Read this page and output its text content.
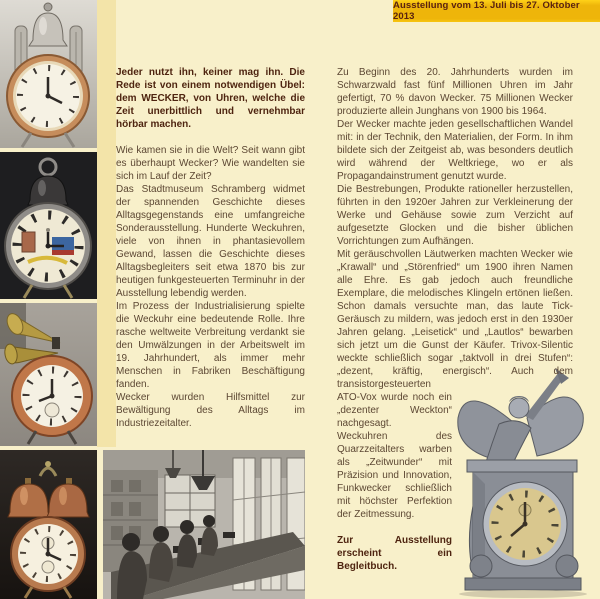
Ausstellung vom 13. Juli bis 27. Oktober 2013

Jeder nutzt ihn, keiner mag ihn. Die Rede ist von einem notwendigen Übel: dem WECKER, von Uhren, welche die Zeit unerbittlich und vernehmbar hörbar machen.

Wie kamen sie in die Welt? Seit wann gibt es überhaupt Wecker? Wie wandelten sie sich im Lauf der Zeit?

Das Stadtmuseum Schramberg widmet der spannenden Geschichte dieses Alltagsgegenstands eine umfangreiche Sonderausstellung. Hunderte Weckuhren, viele von ihnen in phantasievollem Gewand, lassen die Geschichte dieses Alltagsbegleiters seit etwa 1870 bis zur heutigen funkgesteuerten Terminuhr in der Ausstellung lebendig werden.

Im Prozess der Industrialisierung spielte die Weckuhr eine bedeutende Rolle. Ihre rasche weltweite Verbreitung verdankt sie den Umwälzungen in der Arbeitswelt im 19. Jahrhundert, als immer mehr Menschen in Fabriken Beschäftigung fanden.

Wecker wurden Hilfsmittel zur Bewältigung des Alltags im Industriezeitalter.

Zu Beginn des 20. Jahrhunderts wurden im Schwarzwald fast fünf Millionen Uhren im Jahr gefertigt, 70 % davon Wecker. 75 Millionen Wecker produzierte allein Junghans von 1900 bis 1964.

Der Wecker machte jeden gesellschaftlichen Wandel mit: in der Technik, den Materialien, der Form. In ihm bildete sich der Zeitgeist ab, was besonders deutlich wird während der Weltkriege, wo er als Propagandainstrument genutzt wurde.

Die Bestrebungen, Produkte rationeller herzustellen, führten in den 1920er Jahren zur Verkleinerung der Werke und Gehäuse sowie zum Verzicht auf aufgesetzte Glocken und die bisher üblichen Vorrichtungen zum Aufhängen.

Mit geräuschvollen Läutwerken machten Wecker wie „Krawall“ und „Störenfried“ um 1900 ihren Namen alle Ehre. Es gab jedoch auch freundliche Exemplare, die melodisches Klingeln ertönen ließen. Schon damals versuchte man, das laute Tick-Geräusch zu mildern, was jedoch erst in den 1930er Jahren gelang. „Leisetick“ und „Lautlos“ bewarben sich jetzt um die Gunst der Käufer. Trivox-Silentic weckte schließlich sogar „taktvoll in drei Stufen“: „dezent, kräftig, energisch“. Auch dem transistorgesteuerten ATO-Vox wurde noch ein „dezenter Weckton“ nachgesagt.

Weckuhren des Quarzzeitalters warben als „Zeitwunder“ mit Präzision und Innovation, Funkwecker schließlich mit höchster Perfektion der Zeitmessung.

Zur Ausstellung erscheint ein Begleitbuch.
